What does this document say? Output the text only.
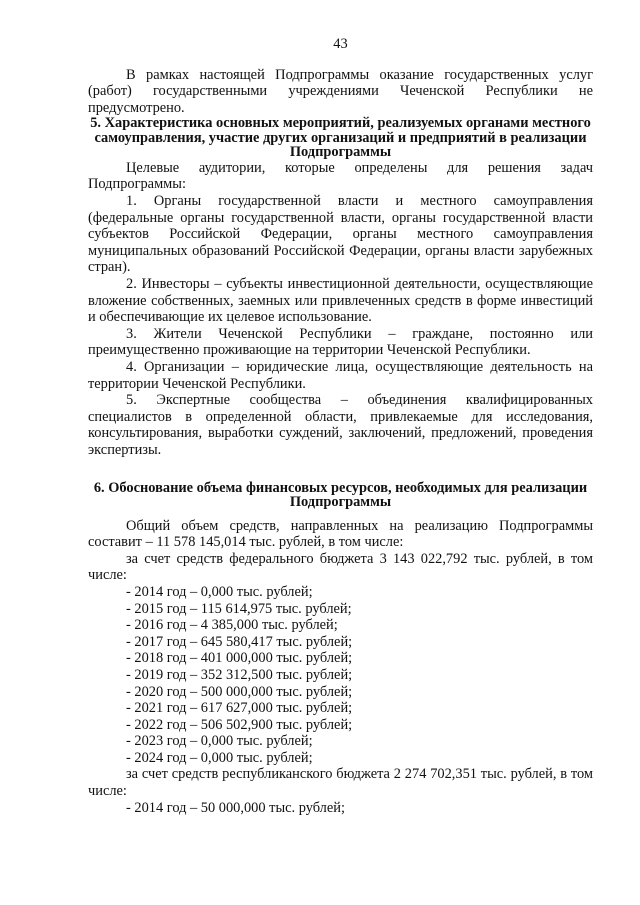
43

В рамках настоящей Подпрограммы оказание государственных услуг (работ) государственными учреждениями Чеченской Республики не предусмотрено.

5. Характеристика основных мероприятий, реализуемых органами местного самоуправления, участие других организаций и предприятий в реализации Подпрограммы

Целевые аудитории, которые определены для решения задач Подпрограммы:

1. Органы государственной власти и местного самоуправления (федеральные органы государственной власти, органы государственной власти субъектов Российской Федерации, органы местного самоуправления муниципальных образований Российской Федерации, органы власти зарубежных стран).

2. Инвесторы – субъекты инвестиционной деятельности, осуществляющие вложение собственных, заемных или привлеченных средств в форме инвестиций и обеспечивающие их целевое использование.

3. Жители Чеченской Республики – граждане, постоянно или преимущественно проживающие на территории Чеченской Республики.

4. Организации – юридические лица, осуществляющие деятельность на территории Чеченской Республики.

5. Экспертные сообщества – объединения квалифицированных специалистов в определенной области, привлекаемые для исследования, консультирования, выработки суждений, заключений, предложений, проведения экспертизы.

6. Обоснование объема финансовых ресурсов, необходимых для реализации Подпрограммы

Общий объем средств, направленных на реализацию Подпрограммы составит – 11 578 145,014 тыс. рублей, в том числе:

за счет средств федерального бюджета 3 143 022,792 тыс. рублей, в том числе:

- 2014 год – 0,000 тыс. рублей;

- 2015 год – 115 614,975 тыс. рублей;

- 2016 год – 4 385,000 тыс. рублей;

- 2017 год – 645 580,417 тыс. рублей;

- 2018 год – 401 000,000 тыс. рублей;

- 2019 год – 352 312,500 тыс. рублей;

- 2020 год – 500 000,000 тыс. рублей;

- 2021 год – 617 627,000 тыс. рублей;

- 2022 год – 506 502,900 тыс. рублей;

- 2023 год – 0,000 тыс. рублей;

- 2024 год – 0,000 тыс. рублей;

за счет средств республиканского бюджета 2 274 702,351 тыс. рублей, в том числе:

- 2014 год – 50 000,000 тыс. рублей;
